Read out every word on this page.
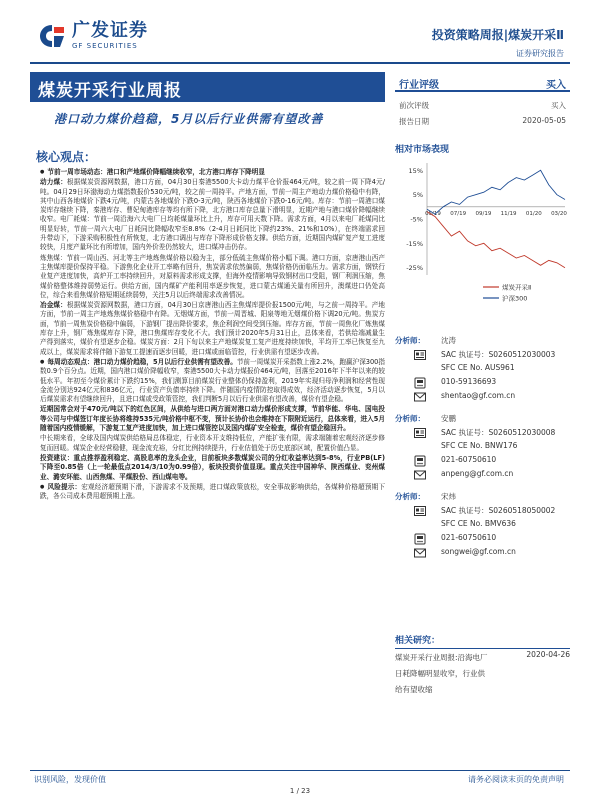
广发证券
GF SECURITIES
投资策略周报|煤炭开采Ⅱ
证券研究报告
煤炭开采行业周报
港口动力煤价趋稳，5月以后行业供需有望改善
行业评级	买入
前次评级	买入
报告日期	2020-05-05
相对市场表现
15%
5%
-5%
-15%
-25%
05/19 07/19 09/19 11/19 01/20 03/20
煤炭开采Ⅱ
沪深300
分析师： 沈涛
SAC 执证号：S0260512030003
SFC CE No. AUS961
010-59136693
shentao@gf.com.cn
分析师： 安鹏
SAC 执证号：S0260512030008
SFC CE No. BNW176
021-60750610
anpeng@gf.com.cn
分析师： 宋炜
SAC 执证号：S0260518050002
SFC CE No. BMV636
021-60750610
songwei@gf.com.cn
相关研究：
煤炭开采行业周报:沿海电厂
日耗降幅明显收窄，行业供
给有望收缩
2020-04-26
核心观点：

● 节前一周市场动态：港口和产地煤价降幅继续收窄，北方港口库存下降明显

动力煤：根据煤炭资源网数据，港口方面，04月30日秦港5500大卡动力煤平仓价报464元/吨，较之前一周下降4元/吨。04月29日环渤海动力煤指数报价530元/吨，较之前一周持平。产地方面，节前一周主产地动力煤价格稳中有降，其中山西各地煤价下跌4元/吨，内蒙古各地煤价下跌0-3元/吨，陕西各地煤价下跌0-16元/吨。库存：节前一周港口煤炭库存继续下降，秦港库存、曹妃甸港库存等均有所下降，北方港口库存总量下滑明显，近期产地与港口煤价降幅继续收窄。电厂耗煤：节前一周沿海六大电厂日均耗煤量环比上升，库存可用天数下降。需求方面，4月以来电厂耗煤同比明显好转，节前一周六大电厂日耗同比降幅收窄至8.8%（2-4月日耗同比下降约23%、21%和10%），在终端需求回升带动下，下游采购积极性有所恢复，北方港口调出与库存下降形成价格支撑。供给方面，近期国内煤矿复产复工进度较快，月度产量环比有所增加，国内外价差仍然较大，进口煤冲击仍存。

炼焦煤：节前一周山西、河北等主产地炼焦煤价格以稳为主，部分低硫主焦煤价格小幅下调。港口方面，京唐港山西产主焦煤库提价保持平稳。下游焦化企业开工率略有回升，焦炭需求依然偏弱，焦煤价格仍面临压力。需求方面，钢铁行业复产进度加快，高炉开工率持续回升，对原料需求形成支撑，但海外疫情影响导致钢材出口受阻，钢厂利润压缩，焦煤价格整体维持弱势运行。供给方面，国内煤矿产能利用率逐步恢复，进口蒙古煤通关量有所回升，澳煤进口仍处高位，综合来看焦煤价格短期延续弱势，关注5月以后终端需求改善情况。

冶金煤：根据煤炭资源网数据，港口方面，04月30日京唐港山西主焦煤库提价报1500元/吨，与之前一周持平。产地方面，节前一周主产地炼焦煤价格稳中有降。无烟煤方面，节前一周晋城、阳泉等地无烟煤价格下调20元/吨。焦炭方面，节前一周焦炭价格稳中偏弱，下游钢厂提出降价要求，焦企利润空间受到压缩。库存方面，节前一周焦化厂炼焦煤库存上升，钢厂炼焦煤库存下降，港口焦煤库存变化不大。我们预计2020年5月31日止，总体来看，若供给端减量生产得到落实，煤价有望逐步企稳。煤炭方面：2月下旬以来主产地煤炭复工复产进度持续加快，平均开工率已恢复至九成以上，煤炭需求将伴随下游复工提速而逐步回暖，进口煤或面临管控，行业供需有望逐步改善。

● 每周动态观点：港口动力煤价趋稳，5月以后行业供需有望改善。节前一周煤炭开采指数上涨2.2%，跑赢沪深300指数0.9个百分点。近期，国内港口煤价降幅收窄，秦港5500大卡动力煤报价464元/吨，回落至2016年下半年以来的较低水平。年初至今煤价累计下跌约15%，我们测算目前煤炭行业整体仍保持盈利，2019年实现归母净利润和经营性现金流分别达924亿元和836亿元，行业资产负债率持续下降。伴随国内疫情防控取得成效，经济活动逐步恢复，5月以后煤炭需求有望继续回升，且进口煤或受政策管控，我们判断5月以后行业供需有望改善，煤价有望企稳。

近期国常会对于470元/吨以下的红色区间，从供给与进口两方面对港口动力煤价形成支撑，节前华能、华电、国电投等公司与中煤签订年度长协将维持535元/吨价格中枢不变，预计长协价也会维持在下限附近运行，总体来看，进入5月随着国内疫情缓解，下游复工复产进度加快，加上进口煤管控以及国内煤矿安全检查，煤价有望企稳回升。

中长期来看，全球及国内煤炭供给格局总体稳定，行业资本开支维持低位，产能扩张有限，需求端随着宏观经济逐步修复而回暖。煤炭企业经营稳健，现金流充裕，分红比例持续提升，行业估值处于历史底部区域，配置价值凸显。

投资建议：重点推荐盈利稳定、高股息率的龙头企业，目前板块多数煤炭公司的分红收益率达到5-8%，行业PB(LF)下降至0.85倍（上一轮最低点2014/3/10为0.99倍），板块投资价值显现。重点关注中国神华、陕西煤业、兖州煤业、潞安环能、山西焦煤、平煤股份、西山煤电等。

● 风险提示：宏观经济超预期下滑，下游需求不及预期，进口煤政策放松，安全事故影响供给，各煤种价格超预期下跌，各公司成本费用超预期上涨。

识别风险，发现价值	请务必阅读末页的免责声明
1 / 23
